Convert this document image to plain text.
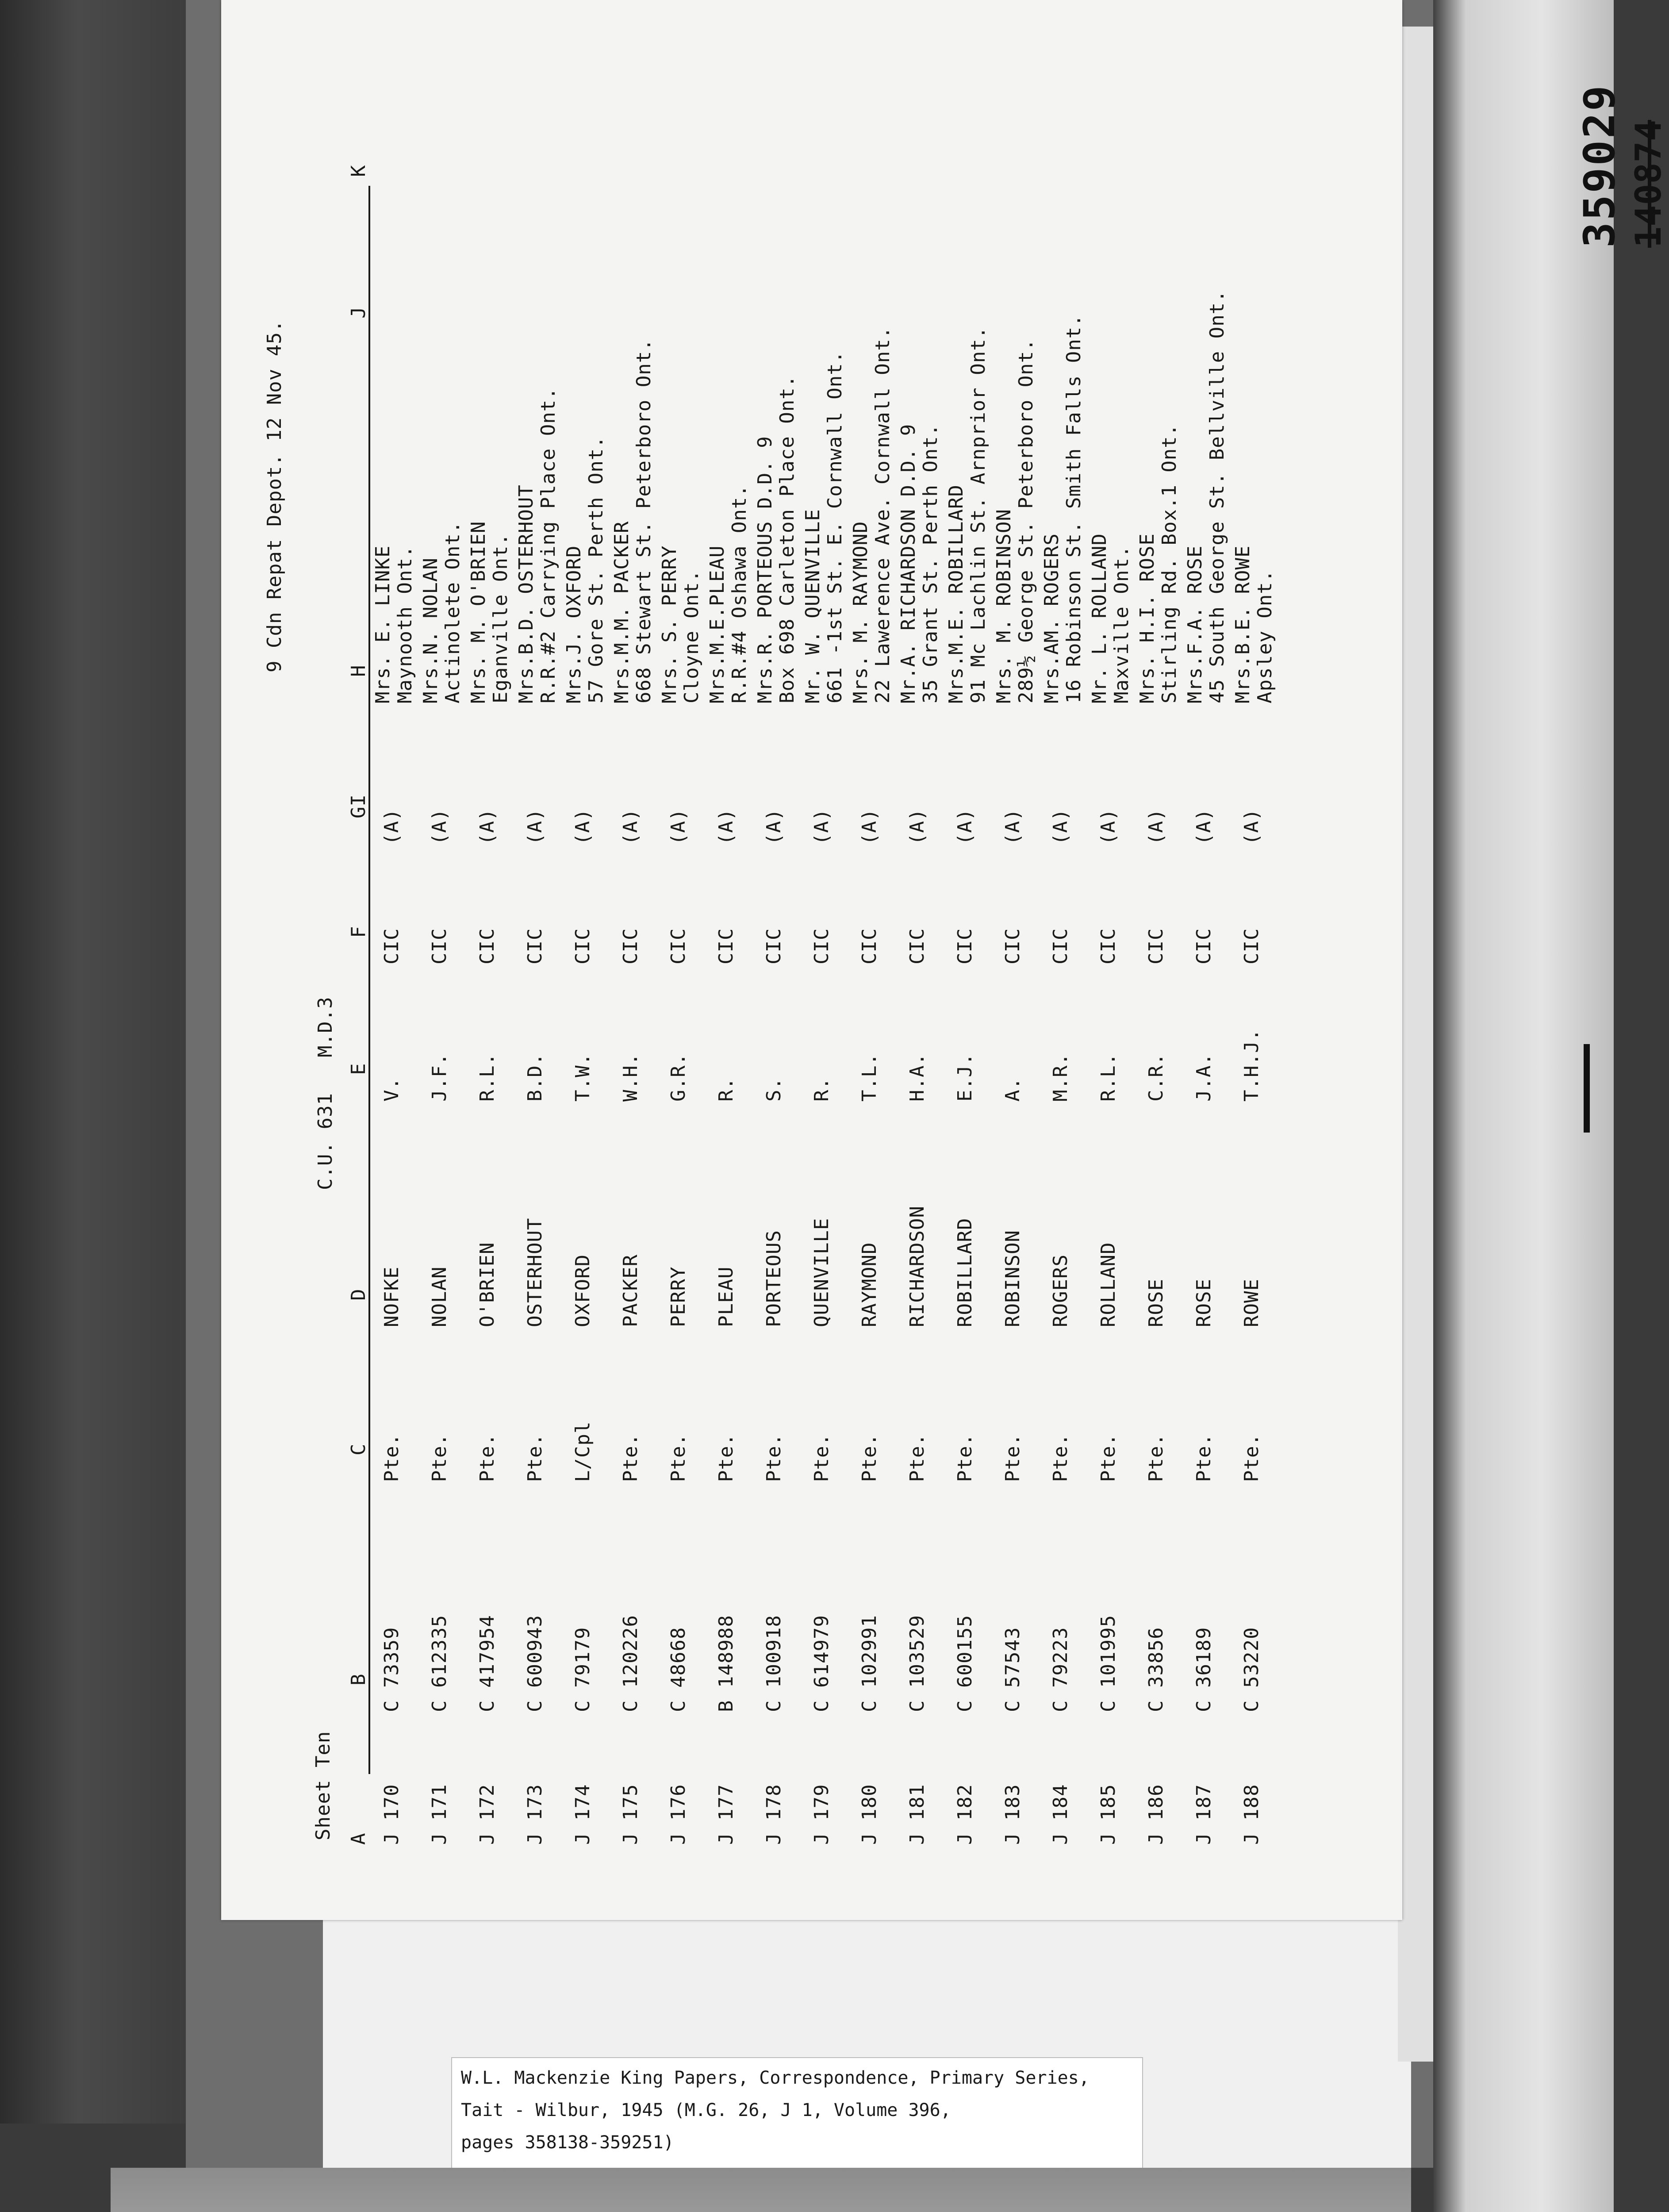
Sheet Ten
C.U. 631
M.D.3
9 Cdn Repat Depot. 12 Nov 45.
A
B
C
D
E
F
GI
H
J
K
J 170
C 73359
Pte.
NOFKE
V.
CIC
(A)
Mrs. E. LINKE Maynooth Ont.
J 171
C 612335
Pte.
NOLAN
J.F.
CIC
(A)
Mrs.N. NOLAN Actinolete Ont.
J 172
C 417954
Pte.
O'BRIEN
R.L.
CIC
(A)
Mrs. M. O'BRIEN Eganville Ont.
J 173
C 600943
Pte.
OSTERHOUT
B.D.
CIC
(A)
Mrs.B.D. OSTERHOUT R.R.#2 Carrying Place Ont.
J 174
C 79179
L/Cpl
OXFORD
T.W.
CIC
(A)
Mrs.J. OXFORD 57 Gore St. Perth Ont.
J 175
C 120226
Pte.
PACKER
W.H.
CIC
(A)
Mrs.M.M. PACKER 668 Stewart St. Peterboro Ont.
J 176
C 48668
Pte.
PERRY
G.R.
CIC
(A)
Mrs. S. PERRY Cloyne Ont.
J 177
B 148988
Pte.
PLEAU
R.
CIC
(A)
Mrs.M.E.PLEAU R.R.#4 Oshawa Ont.
J 178
C 100918
Pte.
PORTEOUS
S.
CIC
(A)
Mrs.R. PORTEOUS D.D. 9 Box 698 Carleton Place Ont.
J 179
C 614979
Pte.
QUENVILLE
R.
CIC
(A)
Mr. W. QUENVILLE 661 -1st St. E. Cornwall Ont.
J 180
C 102991
Pte.
RAYMOND
T.L.
CIC
(A)
Mrs. M. RAYMOND 22 Lawerence Ave. Cornwall Ont.
J 181
C 103529
Pte.
RICHARDSON
H.A.
CIC
(A)
Mr.A. RICHARDSON D.D. 9 35 Grant St. Perth Ont.
J 182
C 600155
Pte.
ROBILLARD
E.J.
CIC
(A)
Mrs.M.E. ROBILLARD 91 Mc Lachlin St. Arnprior Ont.
J 183
C 57543
Pte.
ROBINSON
A.
CIC
(A)
Mrs. M. ROBINSON 289½ George St. Peterboro Ont.
J 184
C 79223
Pte.
ROGERS
M.R.
CIC
(A)
Mrs.AM. ROGERS 16 Robinson St. Smith Falls Ont.
J 185
C 101995
Pte.
ROLLAND
R.L.
CIC
(A)
Mr. L. ROLLAND Maxville Ont.
J 186
C 33856
Pte.
ROSE
C.R.
CIC
(A)
Mrs. H.I. ROSE Stirling Rd. Box.1 Ont.
J 187
C 36189
Pte.
ROSE
J.A.
CIC
(A)
Mrs.F.A. ROSE 45 South George St. Bellville Ont.
J 188
C 53220
Pte.
ROWE
T.H.J.
CIC
(A)
Mrs.B.E. ROWE Apsley Ont.
359029 140874
W.L. Mackenzie King Papers, Correspondence, Primary Series,
Tait - Wilbur, 1945 (M.G. 26, J 1, Volume 396,
pages 358138-359251)
